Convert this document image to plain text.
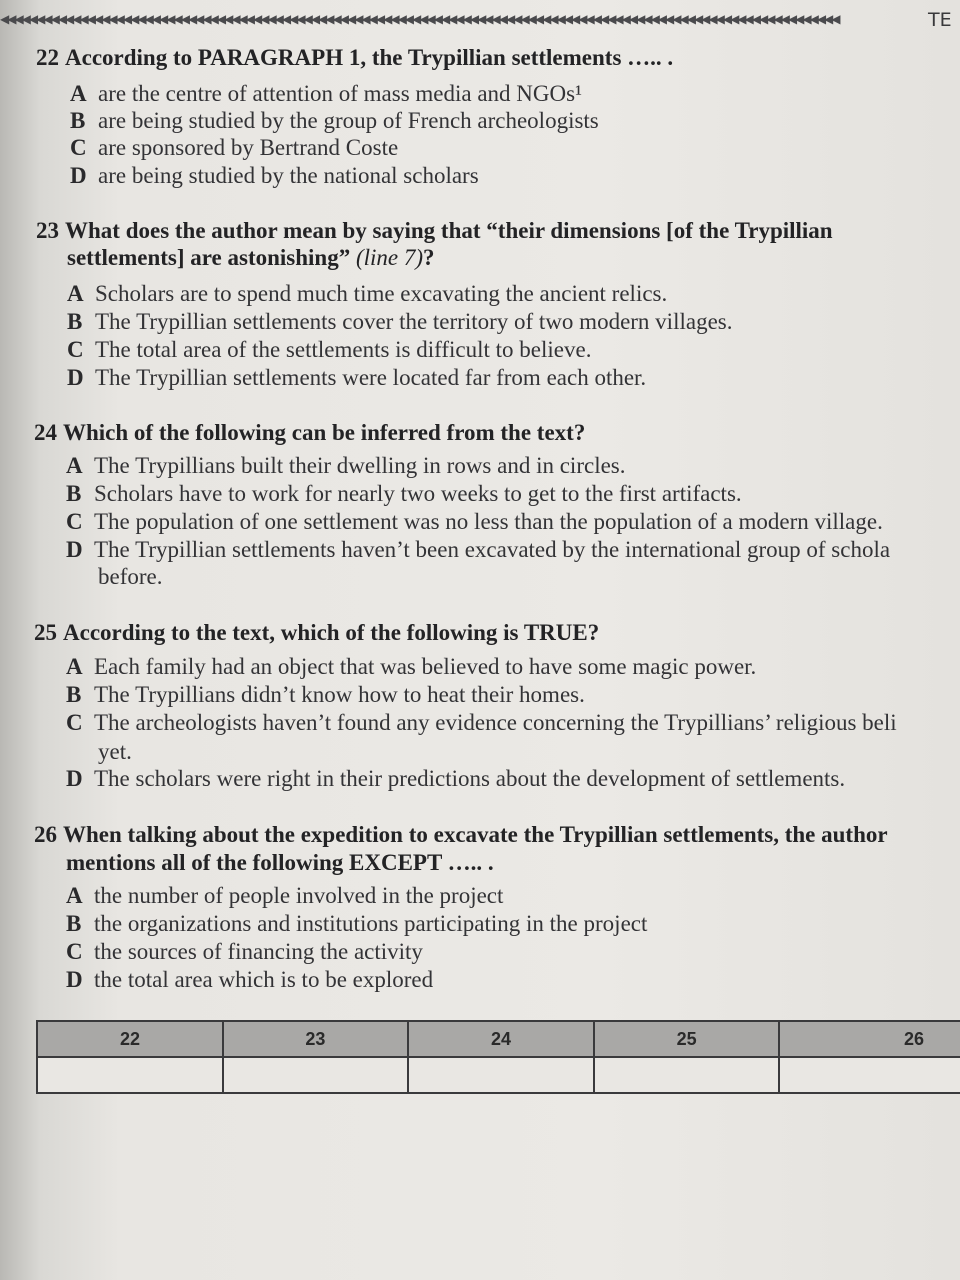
◀◀◀◀◀◀◀◀◀◀◀◀◀◀◀◀◀◀◀◀◀◀◀◀◀◀◀◀◀◀◀◀◀◀◀◀◀◀◀◀◀◀◀◀◀◀◀◀◀◀◀◀◀◀◀◀◀◀◀◀◀◀◀◀◀◀◀◀◀◀◀◀◀◀◀◀◀◀◀◀◀◀◀◀◀◀◀◀◀◀◀◀◀◀◀◀◀◀◀◀◀◀◀◀◀◀◀◀◀◀◀◀◀◀◀◀	TE
22 According to PARAGRAPH 1, the Trypillian settlements ….. .
A are the centre of attention of mass media and NGOs¹
B are being studied by the group of French archeologists
C are sponsored by Bertrand Coste
D are being studied by the national scholars
23 What does the author mean by saying that “their dimensions [of the Trypillian
settlements] are astonishing” (line 7)?
A Scholars are to spend much time excavating the ancient relics.
B The Trypillian settlements cover the territory of two modern villages.
C The total area of the settlements is difficult to believe.
D The Trypillian settlements were located far from each other.
24 Which of the following can be inferred from the text?
A The Trypillians built their dwelling in rows and in circles.
B Scholars have to work for nearly two weeks to get to the first artifacts.
C The population of one settlement was no less than the population of a modern village.
D The Trypillian settlements haven’t been excavated by the international group of schola
before.
25 According to the text, which of the following is TRUE?
A Each family had an object that was believed to have some magic power.
B The Trypillians didn’t know how to heat their homes.
C The archeologists haven’t found any evidence concerning the Trypillians’ religious beli
yet.
D The scholars were right in their predictions about the development of settlements.
26 When talking about the expedition to excavate the Trypillian settlements, the author
mentions all of the following EXCEPT ….. .
A the number of people involved in the project
B the organizations and institutions participating in the project
C the sources of financing the activity
D the total area which is to be explored
22	23	24	25	26
